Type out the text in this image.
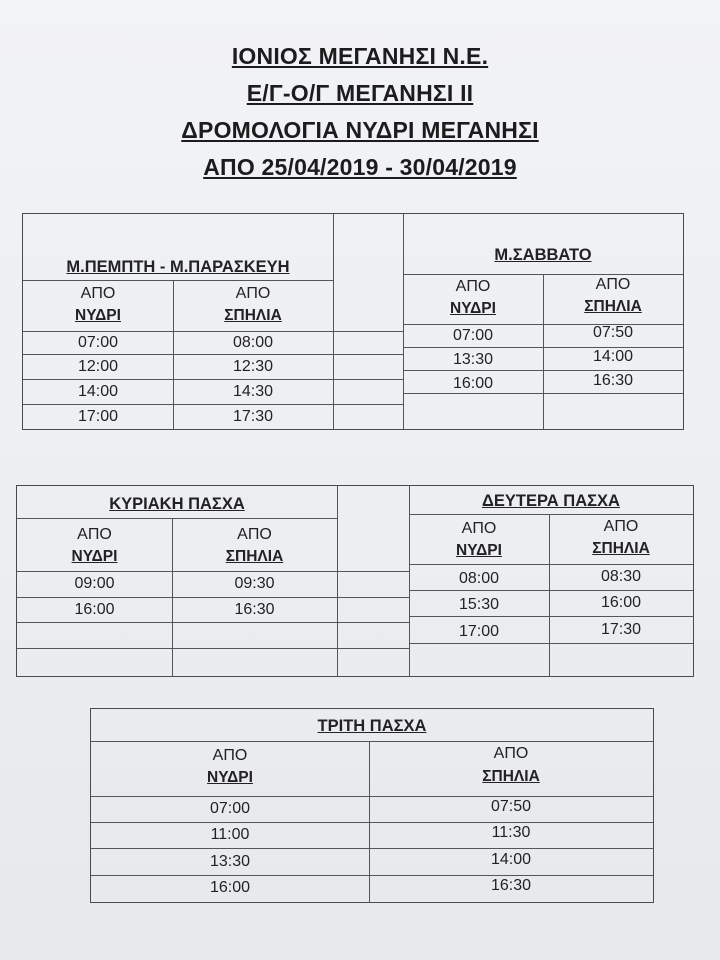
ΙΟΝΙΟΣ ΜΕΓΑΝΗΣΙ Ν.Ε.
Ε/Γ-Ο/Γ ΜΕΓΑΝΗΣΙ ΙΙ
ΔΡΟΜΟΛΟΓΙΑ ΝΥΔΡΙ ΜΕΓΑΝΗΣΙ
ΑΠΟ 25/04/2019 - 30/04/2019
Μ.ΠΕΜΠΤΗ - Μ.ΠΑΡΑΣΚΕΥΗ
ΑΠΟ
ΝΥΔΡΙ
ΑΠΟ
ΣΠΗΛΙΑ
07:00
12:00
14:00
17:00
08:00
12:30
14:30
17:30
Μ.ΣΑΒΒΑΤΟ
ΑΠΟ
ΝΥΔΡΙ
ΑΠΟ
ΣΠΗΛΙΑ
07:00
13:30
16:00
07:50
14:00
16:30
ΚΥΡΙΑΚΗ ΠΑΣΧΑ
ΑΠΟ
ΝΥΔΡΙ
ΑΠΟ
ΣΠΗΛΙΑ
09:00
16:00
09:30
16:30
ΔΕΥΤΕΡΑ ΠΑΣΧΑ
ΑΠΟ
ΝΥΔΡΙ
ΑΠΟ
ΣΠΗΛΙΑ
08:00
15:30
17:00
08:30
16:00
17:30
ΤΡΙΤΗ ΠΑΣΧΑ
ΑΠΟ
ΝΥΔΡΙ
ΑΠΟ
ΣΠΗΛΙΑ
07:00
11:00
13:30
16:00
07:50
11:30
14:00
16:30
